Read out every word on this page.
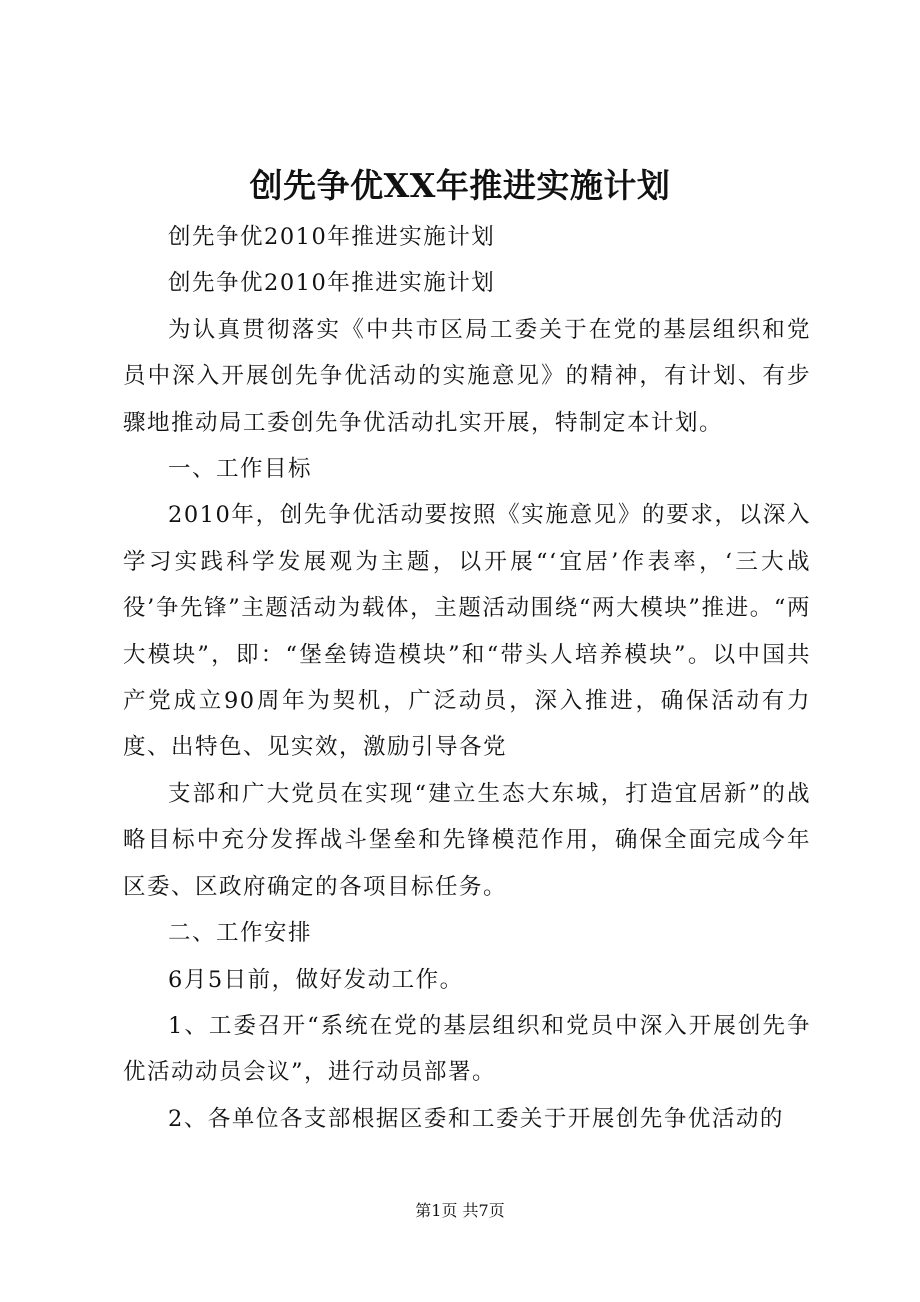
创先争优XX年推进实施计划

创先争优2010年推进实施计划

创先争优2010年推进实施计划

为认真贯彻落实《中共市区局工委关于在党的基层组织和党员中深入开展创先争优活动的实施意见》的精神，有计划、有步骤地推动局工委创先争优活动扎实开展，特制定本计划。

一、工作目标

2010年，创先争优活动要按照《实施意见》的要求，以深入学习实践科学发展观为主题，以开展“‘宜居’作表率，‘三大战役’争先锋”主题活动为载体，主题活动围绕“两大模块”推进。“两大模块”，即：“堡垒铸造模块”和“带头人培养模块”。以中国共产党成立90周年为契机，广泛动员，深入推进，确保活动有力度、出特色、见实效，激励引导各党

支部和广大党员在实现“建立生态大东城，打造宜居新”的战略目标中充分发挥战斗堡垒和先锋模范作用，确保全面完成今年区委、区政府确定的各项目标任务。

二、工作安排

6月5日前，做好发动工作。

1、工委召开“系统在党的基层组织和党员中深入开展创先争优活动动员会议”，进行动员部署。

2、各单位各支部根据区委和工委关于开展创先争优活动的

第1页 共7页
